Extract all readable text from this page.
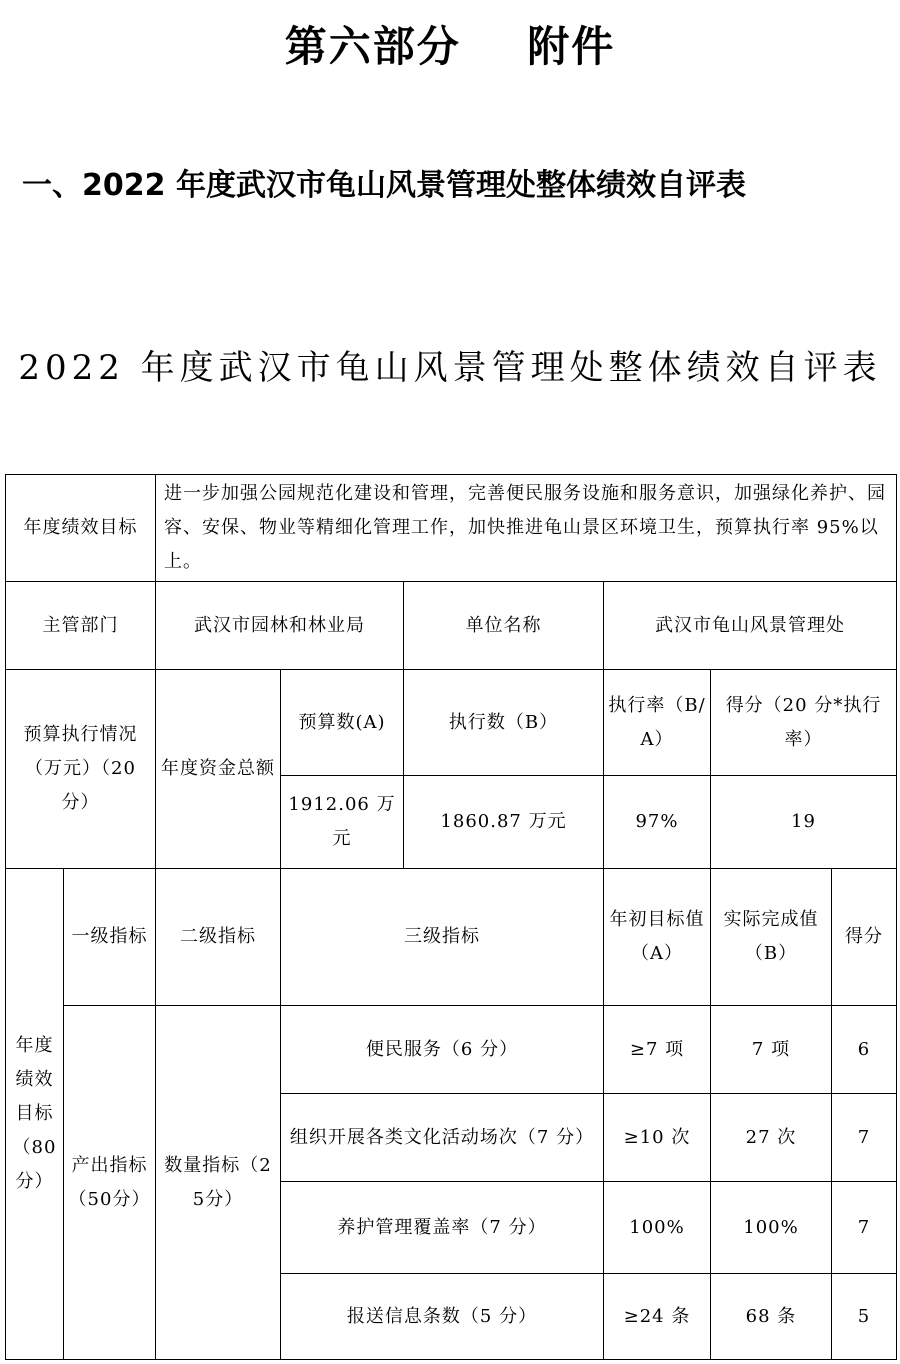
第六部分    附件
一、2022 年度武汉市龟山风景管理处整体绩效自评表
2022 年度武汉市龟山风景管理处整体绩效自评表
年度绩效目标		进一步加强公园规范化建设和管理，完善便民服务设施和服务意识，加强绿化养护、园容、安保、物业等精细化管理工作，加快推进龟山景区环境卫生，预算执行率 95%以上。					
主管部门		武汉市园林和林业局		单位名称	武汉市龟山风景管理处		
预算执行情况（万元）（20 分）		年度资金总额	预算数(A)	执行数（B）	执行率（B/A）	得分（20 分*执行率）	
			1912.06 万元	1860.87 万元	97%	19	
年度绩效目标（80分）	一级指标	二级指标	三级指标		年初目标值（A）	实际完成值（B）	得分
	产出指标（50分）	数量指标（25分）	便民服务（6 分）		≥7 项	7 项	6
			组织开展各类文化活动场次（7 分）		≥10 次	27 次	7
			养护管理覆盖率（7 分）		100%	100%	7
			报送信息条数（5 分）		≥24 条	68 条	5
